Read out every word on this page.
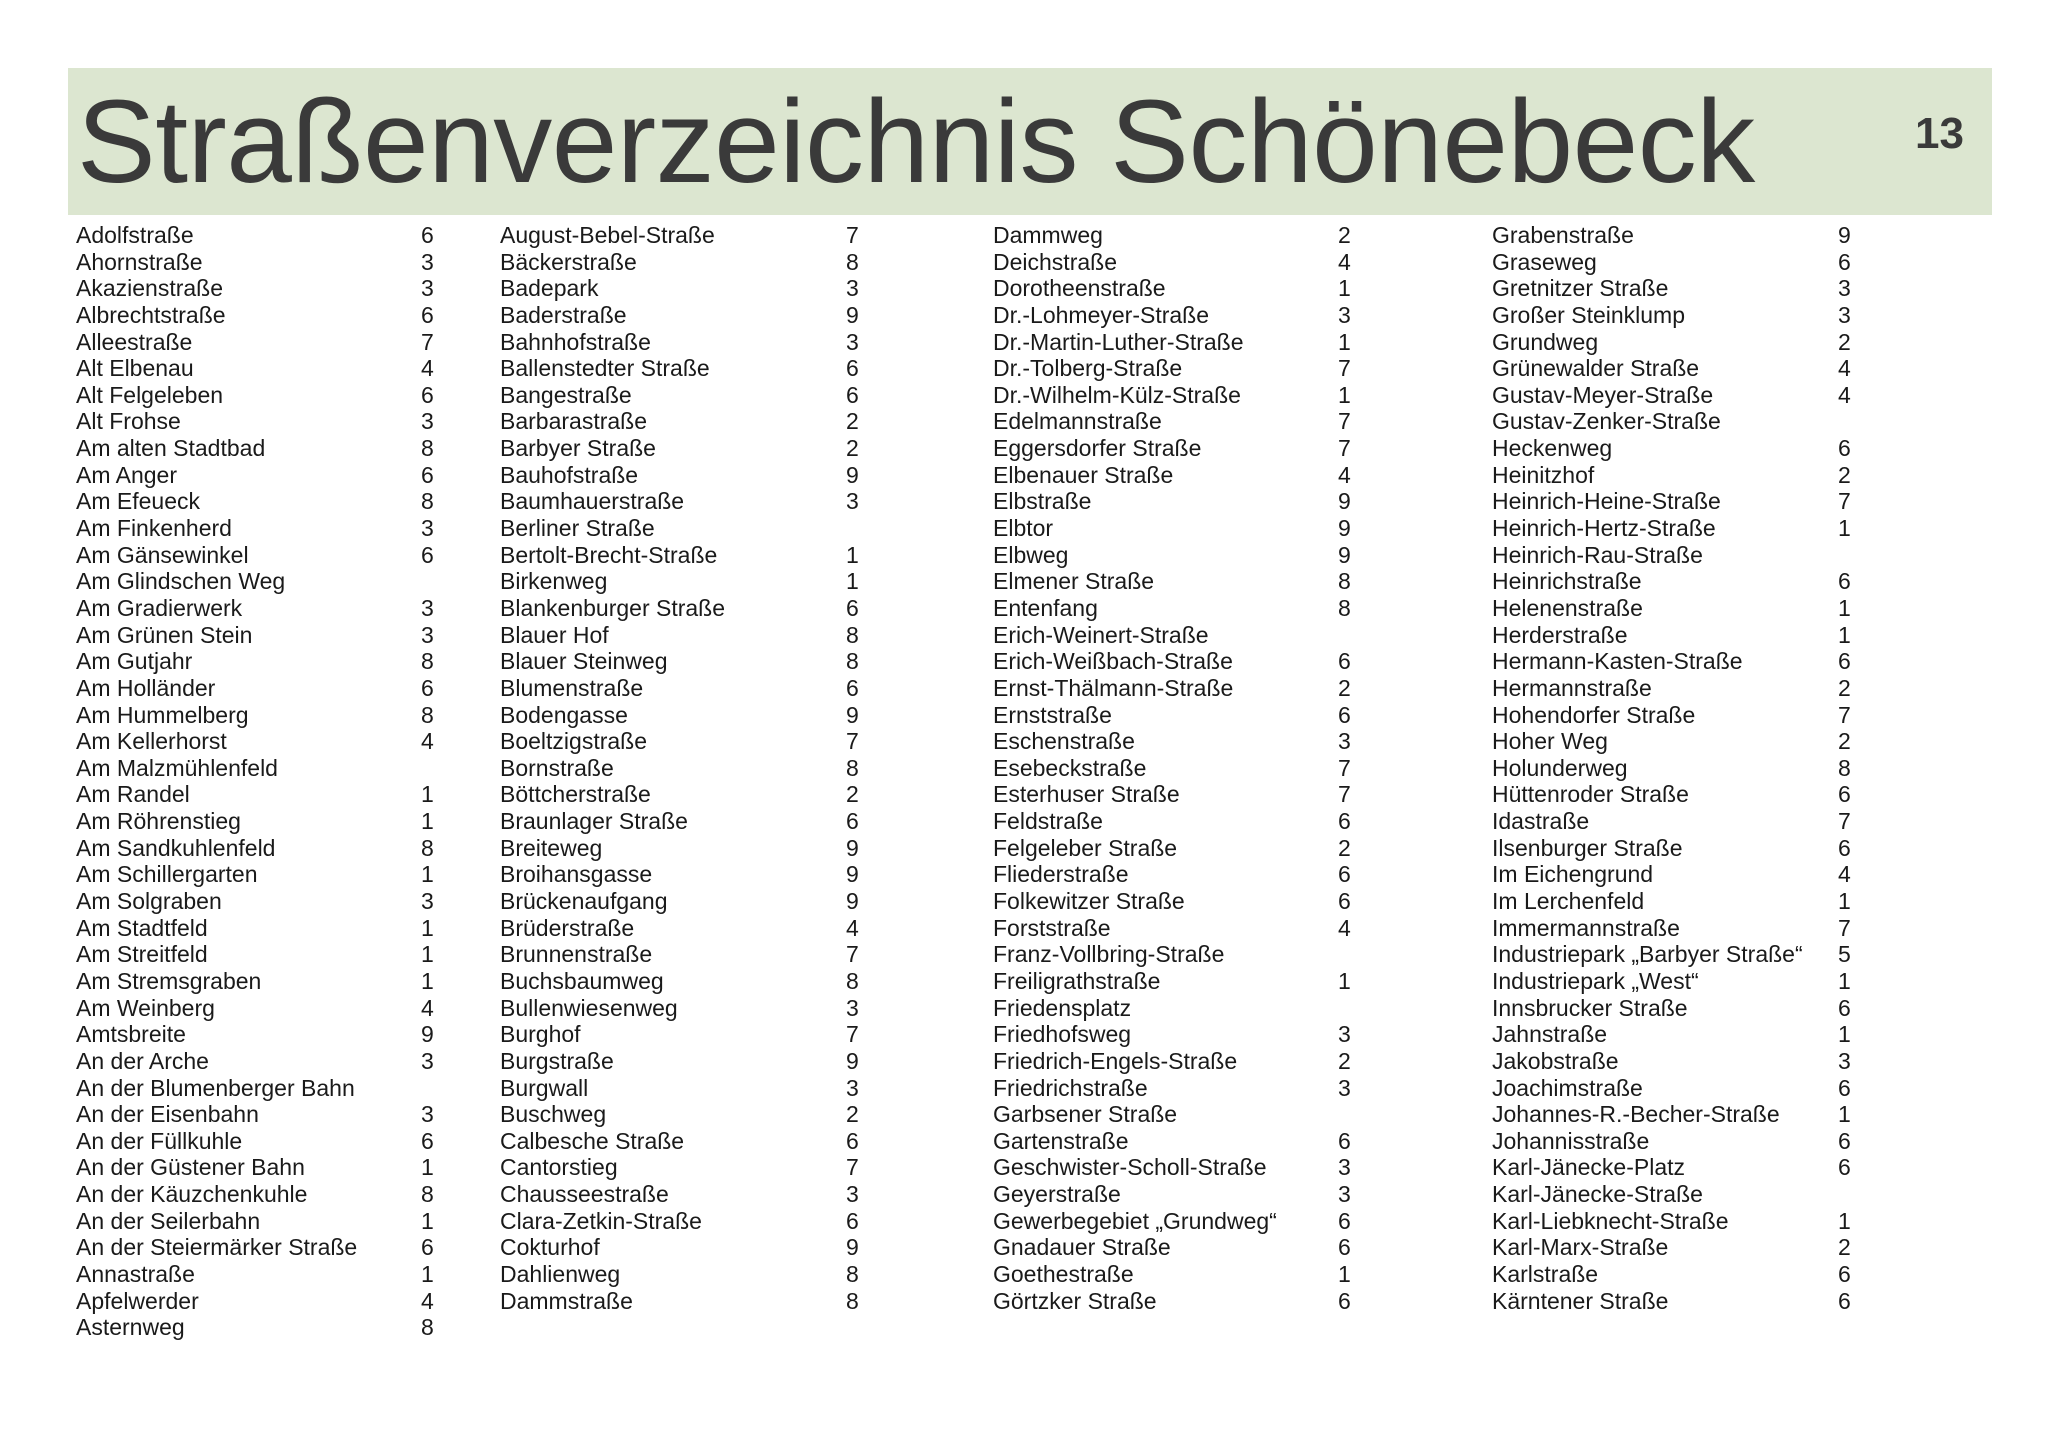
Straßenverzeichnis Schönebeck	13
Adolfstraße	6
Ahornstraße	3
Akazienstraße	3
Albrechtstraße	6
Alleestraße	7
Alt Elbenau	4
Alt Felgeleben	6
Alt Frohse	3
Am alten Stadtbad	8
Am Anger	6
Am Efeueck	8
Am Finkenherd	3
Am Gänsewinkel	6
Am Glindschen Weg
Am Gradierwerk	3
Am Grünen Stein	3
Am Gutjahr	8
Am Holländer	6
Am Hummelberg	8
Am Kellerhorst	4
Am Malzmühlenfeld
Am Randel	1
Am Röhrenstieg	1
Am Sandkuhlenfeld	8
Am Schillergarten	1
Am Solgraben	3
Am Stadtfeld	1
Am Streitfeld	1
Am Stremsgraben	1
Am Weinberg	4
Amtsbreite	9
An der Arche	3
An der Blumenberger Bahn
An der Eisenbahn	3
An der Füllkuhle	6
An der Güstener Bahn	1
An der Käuzchenkuhle	8
An der Seilerbahn	1
An der Steiermärker Straße	6
Annastraße	1
Apfelwerder	4
Asternweg	8
August-Bebel-Straße	7
Bäckerstraße	8
Badepark	3
Baderstraße	9
Bahnhofstraße	3
Ballenstedter Straße	6
Bangestraße	6
Barbarastraße	2
Barbyer Straße	2
Bauhofstraße	9
Baumhauerstraße	3
Berliner Straße
Bertolt-Brecht-Straße	1
Birkenweg	1
Blankenburger Straße	6
Blauer Hof	8
Blauer Steinweg	8
Blumenstraße	6
Bodengasse	9
Boeltzigstraße	7
Bornstraße	8
Böttcherstraße	2
Braunlager Straße	6
Breiteweg	9
Broihansgasse	9
Brückenaufgang	9
Brüderstraße	4
Brunnenstraße	7
Buchsbaumweg	8
Bullenwiesenweg	3
Burghof	7
Burgstraße	9
Burgwall	3
Buschweg	2
Calbesche Straße	6
Cantorstieg	7
Chausseestraße	3
Clara-Zetkin-Straße	6
Cokturhof	9
Dahlienweg	8
Dammstraße	8
Dammweg	2
Deichstraße	4
Dorotheenstraße	1
Dr.-Lohmeyer-Straße	3
Dr.-Martin-Luther-Straße	1
Dr.-Tolberg-Straße	7
Dr.-Wilhelm-Külz-Straße	1
Edelmannstraße	7
Eggersdorfer Straße	7
Elbenauer Straße	4
Elbstraße	9
Elbtor	9
Elbweg	9
Elmener Straße	8
Entenfang	8
Erich-Weinert-Straße
Erich-Weißbach-Straße	6
Ernst-Thälmann-Straße	2
Ernststraße	6
Eschenstraße	3
Esebeckstraße	7
Esterhuser Straße	7
Feldstraße	6
Felgeleber Straße	2
Fliederstraße	6
Folkewitzer Straße	6
Forststraße	4
Franz-Vollbring-Straße
Freiligrathstraße	1
Friedensplatz
Friedhofsweg	3
Friedrich-Engels-Straße	2
Friedrichstraße	3
Garbsener Straße
Gartenstraße	6
Geschwister-Scholl-Straße	3
Geyerstraße	3
Gewerbegebiet „Grundweg“	6
Gnadauer Straße	6
Goethestraße	1
Görtzker Straße	6
Grabenstraße	9
Graseweg	6
Gretnitzer Straße	3
Großer Steinklump	3
Grundweg	2
Grünewalder Straße	4
Gustav-Meyer-Straße	4
Gustav-Zenker-Straße
Heckenweg	6
Heinitzhof	2
Heinrich-Heine-Straße	7
Heinrich-Hertz-Straße	1
Heinrich-Rau-Straße
Heinrichstraße	6
Helenenstraße	1
Herderstraße	1
Hermann-Kasten-Straße	6
Hermannstraße	2
Hohendorfer Straße	7
Hoher Weg	2
Holunderweg	8
Hüttenroder Straße	6
Idastraße	7
Ilsenburger Straße	6
Im Eichengrund	4
Im Lerchenfeld	1
Immermannstraße	7
Industriepark „Barbyer Straße“ 5
Industriepark „West“	1
Innsbrucker Straße	6
Jahnstraße	1
Jakobstraße	3
Joachimstraße	6
Johannes-R.-Becher-Straße	1
Johannisstraße	6
Karl-Jänecke-Platz	6
Karl-Jänecke-Straße
Karl-Liebknecht-Straße	1
Karl-Marx-Straße	2
Karlstraße	6
Kärntener Straße	6
